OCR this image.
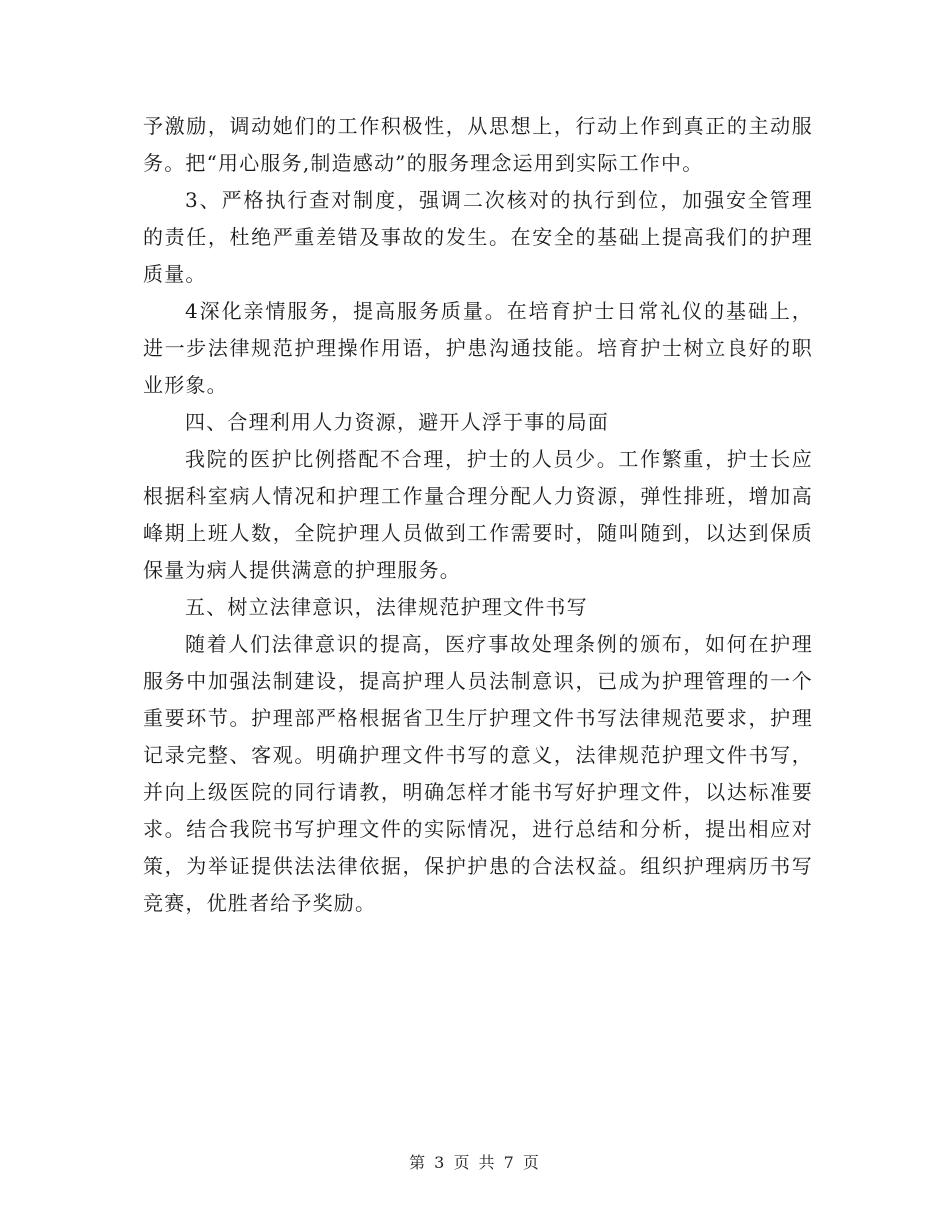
予激励，调动她们的工作积极性，从思想上，行动上作到真正的主动服务。把“用心服务,制造感动”的服务理念运用到实际工作中。

3、严格执行查对制度，强调二次核对的执行到位，加强安全管理的责任，杜绝严重差错及事故的发生。在安全的基础上提高我们的护理质量。

4深化亲情服务，提高服务质量。在培育护士日常礼仪的基础上，进一步法律规范护理操作用语，护患沟通技能。培育护士树立良好的职业形象。

四、合理利用人力资源，避开人浮于事的局面

我院的医护比例搭配不合理，护士的人员少。工作繁重，护士长应根据科室病人情况和护理工作量合理分配人力资源，弹性排班，增加高峰期上班人数，全院护理人员做到工作需要时，随叫随到，以达到保质保量为病人提供满意的护理服务。

五、树立法律意识，法律规范护理文件书写

随着人们法律意识的提高，医疗事故处理条例的颁布，如何在护理服务中加强法制建设，提高护理人员法制意识，已成为护理管理的一个重要环节。护理部严格根据省卫生厅护理文件书写法律规范要求，护理记录完整、客观。明确护理文件书写的意义，法律规范护理文件书写，并向上级医院的同行请教，明确怎样才能书写好护理文件，以达标准要求。结合我院书写护理文件的实际情况，进行总结和分析，提出相应对策，为举证提供法法律依据，保护护患的合法权益。组织护理病历书写竞赛，优胜者给予奖励。

第 3 页 共 7 页
